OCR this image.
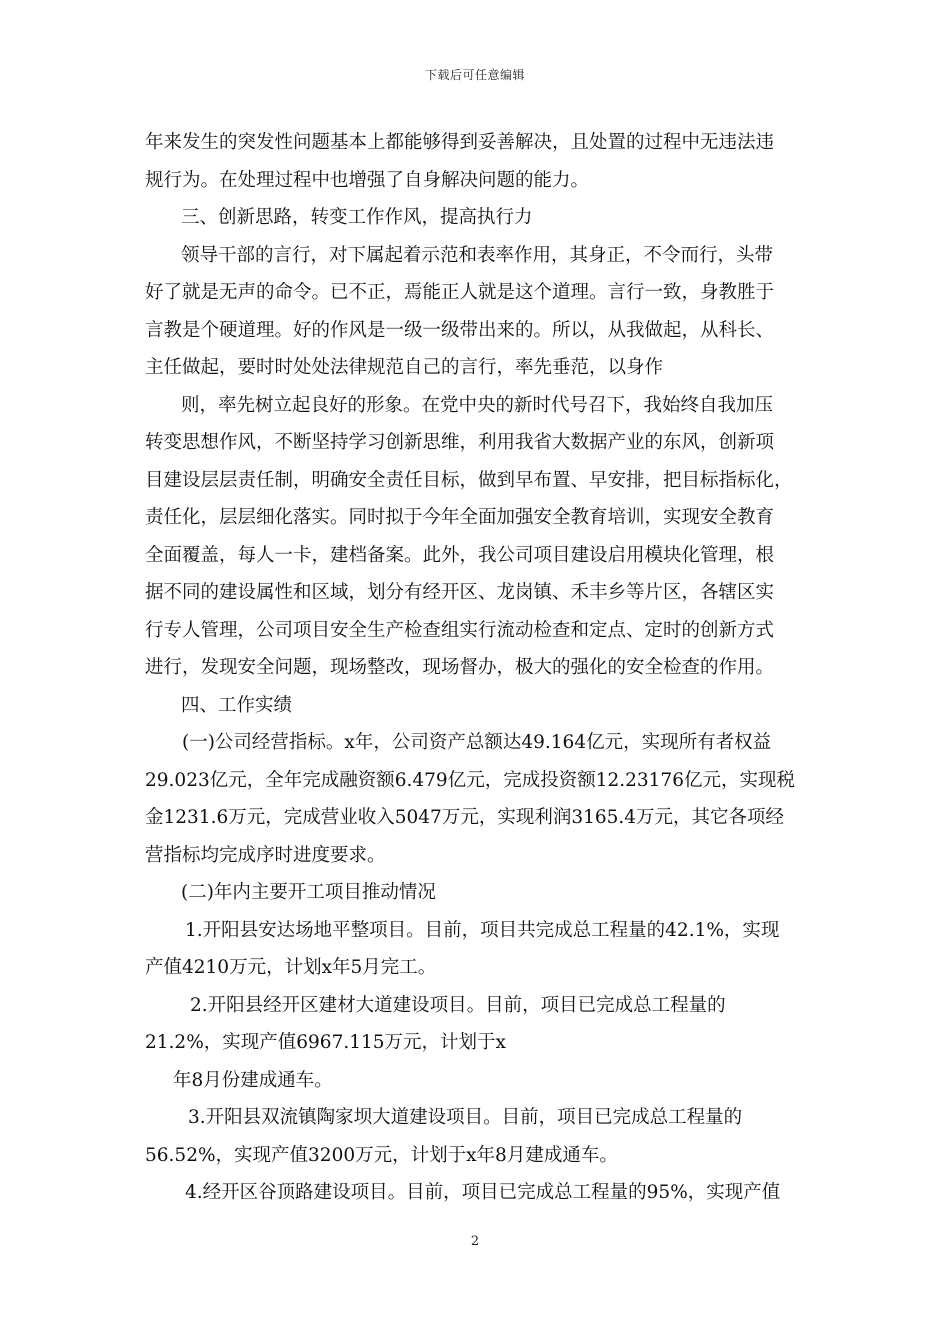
下载后可任意编辑
年来发生的突发性问题基本上都能够得到妥善解决，且处置的过程中无违法违
规行为。在处理过程中也增强了自身解决问题的能力。
三、创新思路，转变工作作风，提高执行力
领导干部的言行，对下属起着示范和表率作用，其身正，不令而行，头带
好了就是无声的命令。已不正，焉能正人就是这个道理。言行一致，身教胜于
言教是个硬道理。好的作风是一级一级带出来的。所以，从我做起，从科长、
主任做起，要时时处处法律规范自己的言行，率先垂范，以身作
则，率先树立起良好的形象。在党中央的新时代号召下，我始终自我加压
转变思想作风，不断坚持学习创新思维，利用我省大数据产业的东风，创新项
目建设层层责任制，明确安全责任目标，做到早布置、早安排，把目标指标化，
责任化，层层细化落实。同时拟于今年全面加强安全教育培训，实现安全教育
全面覆盖，每人一卡，建档备案。此外，我公司项目建设启用模块化管理，根
据不同的建设属性和区域，划分有经开区、龙岗镇、禾丰乡等片区，各辖区实
行专人管理，公司项目安全生产检查组实行流动检查和定点、定时的创新方式
进行，发现安全问题，现场整改，现场督办，极大的强化的安全检查的作用。
四、工作实绩
(一)公司经营指标。x年，公司资产总额达49.164亿元，实现所有者权益
29.023亿元，全年完成融资额6.479亿元，完成投资额12.23176亿元，实现税
金1231.6万元，完成营业收入5047万元，实现利润3165.4万元，其它各项经
营指标均完成序时进度要求。
(二)年内主要开工项目推动情况
1.开阳县安达场地平整项目。目前，项目共完成总工程量的42.1%，实现
产值4210万元，计划x年5月完工。
2.开阳县经开区建材大道建设项目。目前，项目已完成总工程量的
21.2%，实现产值6967.115万元，计划于x
年8月份建成通车。
3.开阳县双流镇陶家坝大道建设项目。目前，项目已完成总工程量的
56.52%，实现产值3200万元，计划于x年8月建成通车。
4.经开区谷顶路建设项目。目前，项目已完成总工程量的95%，实现产值
2
